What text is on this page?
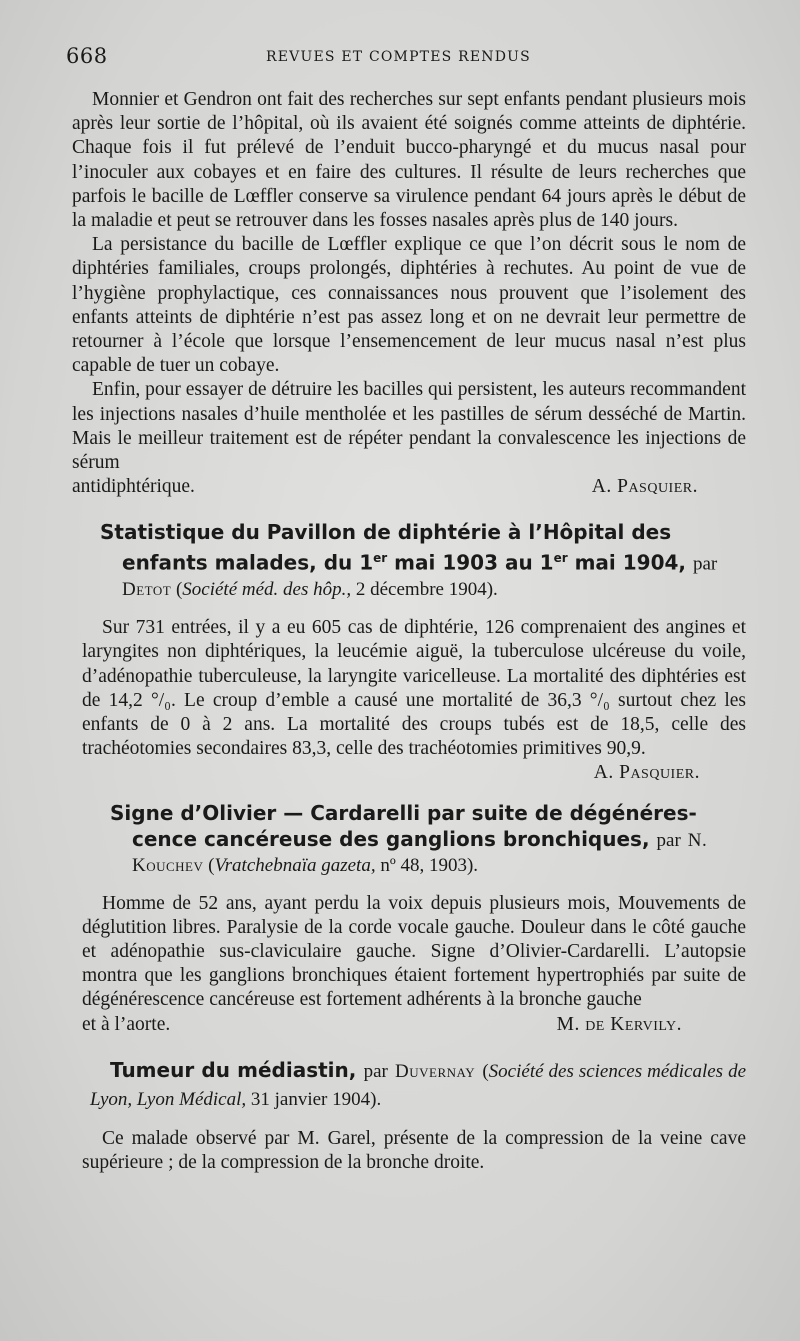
668	REVUES ET COMPTES RENDUS

Monnier et Gendron ont fait des recherches sur sept enfants pendant plusieurs mois après leur sortie de l’hôpital, où ils avaient été soignés comme atteints de diphtérie. Chaque fois il fut prélevé de l’enduit bucco-pharyngé et du mucus nasal pour l’inoculer aux cobayes et en faire des cultures. Il résulte de leurs recherches que parfois le bacille de Lœffler conserve sa virulence pendant 64 jours après le début de la maladie et peut se retrouver dans les fosses nasales après plus de 140 jours.

La persistance du bacille de Lœffler explique ce que l’on décrit sous le nom de diphtéries familiales, croups prolongés, diphtéries à rechutes. Au point de vue de l’hygiène prophylactique, ces connaissances nous prouvent que l’isolement des enfants atteints de diphtérie n’est pas assez long et on ne devrait leur permettre de retourner à l’école que lorsque l’ensemencement de leur mucus nasal n’est plus capable de tuer un cobaye.

Enfin, pour essayer de détruire les bacilles qui persistent, les auteurs recommandent les injections nasales d’huile mentholée et les pastilles de sérum desséché de Martin. Mais le meilleur traitement est de répéter pendant la convalescence les injections de sérum

antidiphtérique.	A. Pasquier.

Statistique du Pavillon de diphtérie à l’Hôpital des
enfants malades, du 1er mai 1903 au 1er mai 1904, par

Detot (Société méd. des hôp., 2 décembre 1904).

Sur 731 entrées, il y a eu 605 cas de diphtérie, 126 comprenaient des angines et laryngites non diphtériques, la leucémie aiguë, la tuberculose ulcéreuse du voile, d’adénopathie tuberculeuse, la laryngite varicelleuse. La mortalité des diphtéries est de 14,2 °/₀. Le croup d’emble a causé une mortalité de 36,3 °/₀ surtout chez les enfants de 0 à 2 ans. La mortalité des croups tubés est de 18,5, celle des trachéotomies secondaires 83,3, celle des trachéotomies primitives 90,9.

A. Pasquier.

Signe d’Olivier — Cardarelli par suite de dégénéres-
cence cancéreuse des ganglions bronchiques, par N.

Kouchev (Vratchebnaïa gazeta, nº 48, 1903).

Homme de 52 ans, ayant perdu la voix depuis plusieurs mois, Mouvements de déglutition libres. Paralysie de la corde vocale gauche. Douleur dans le côté gauche et adénopathie sus-claviculaire gauche. Signe d’Olivier-Cardarelli. L’autopsie montra que les ganglions bronchiques étaient fortement hypertrophiés par suite de dégénérescence cancéreuse est fortement adhérents à la bronche gauche

et à l’aorte.	M. de Kervily.

Tumeur du médiastin, par Duvernay (Société des sciences médicales de Lyon, Lyon Médical, 31 janvier 1904).

Ce malade observé par M. Garel, présente de la compression de la veine cave supérieure ; de la compression de la bronche droite.
